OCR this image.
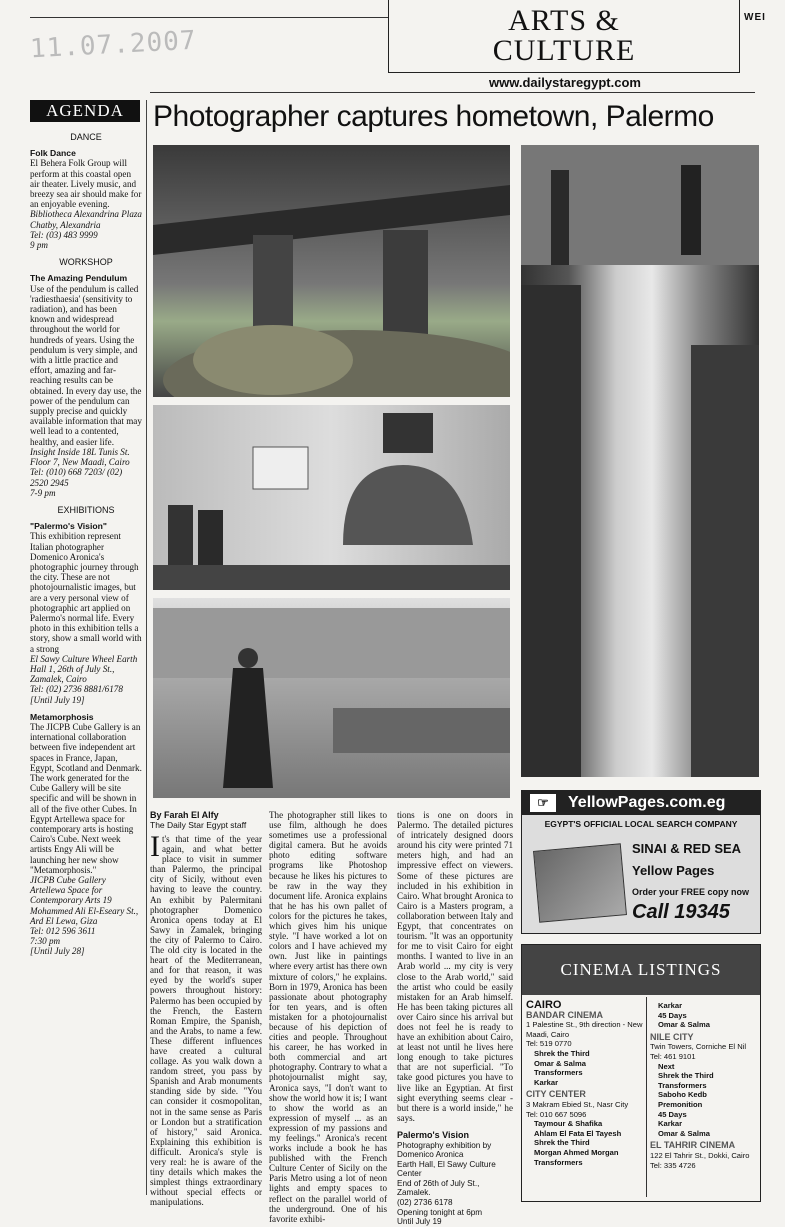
11.07.2007
ARTS &
CULTURE
WEI
www.dailystaregypt.com
AGENDA
DANCE
Folk Dance
El Behera Folk Group will perform at this coastal open air theater. Lively music, and breezy sea air should make for an enjoyable evening.
Bibliotheca Alexandrina Plaza Chatby, Alexandria
Tel: (03) 483 9999
9 pm
WORKSHOP
The Amazing Pendulum
Use of the pendulum is called 'radiesthaesia' (sensitivity to radiation), and has been known and widespread throughout the world for hundreds of years. Using the pendulum is very simple, and with a little practice and effort, amazing and far-reaching results can be obtained. In every day use, the power of the pendulum can supply precise and quickly available information that may well lead to a contented, healthy, and easier life.
Insight Inside 18L Tunis St. Floor 7, New Maadi, Cairo
Tel: (010) 668 7203/ (02) 2520 2945
7-9 pm
EXHIBITIONS
"Palermo's Vision"
This exhibition represent Italian photographer Domenico Aronica's photographic journey through the city. These are not photojournalistic images, but are a very personal view of photographic art applied on Palermo's normal life. Every photo in this exhibition tells a story, show a small world with a strong
El Sawy Culture Wheel Earth Hall 1, 26th of July St., Zamalek, Cairo
Tel: (02) 2736 8881/6178
[Until July 19]
Metamorphosis
The JICPB Cube Gallery is an international collaboration between five independent art spaces in France, Japan, Egypt, Scotland and Denmark. The work generated for the Cube Gallery will be site specific and will be shown in all of the five other Cubes. In Egypt Artellewa space for contemporary arts is hosting Cairo's Cube. Next week artists Engy Ali will be launching her new show "Metamorphosis."
JICPB Cube Gallery Artellewa Space for Contemporary Arts 19 Mohammed Ali El-Eseary St., Ard El Lewa, Giza
Tel: 012 596 3611
7:30 pm
[Until July 28]
Photographer captures hometown, Palermo
By Farah El Alfy
The Daily Star Egypt staff
It's that time of the year again, and what better place to visit in summer than Palermo, the principal city of Sicily, without even having to leave the country. An exhibit by Palermitani photographer Domenico Aronica opens today at El Sawy in Zamalek, bringing the city of Palermo to Cairo. The old city is located in the heart of the Mediterranean, and for that reason, it was eyed by the world's super powers throughout history: Palermo has been occupied by the French, the Eastern Roman Empire, the Spanish, and the Arabs, to name a few. These different influences have created a cultural collage. As you walk down a random street, you pass by Spanish and Arab monuments standing side by side. "You can consider it cosmopolitan, not in the same sense as Paris or London but a stratification of history," said Aronica. Explaining this exhibition is difficult. Aronica's style is very real: he is aware of the tiny details which makes the simplest things extraordinary without special effects or manipulations.
The photographer still likes to use film, although he does sometimes use a professional digital camera. But he avoids photo editing software programs like Photoshop because he likes his pictures to be raw in the way they document life. Aronica explains that he has his own pallet of colors for the pictures he takes, which gives him his unique style. "I have worked a lot on colors and I have achieved my own. Just like in paintings where every artist has there own mixture of colors," he explains. Born in 1979, Aronica has been passionate about photography for ten years, and is often mistaken for a photojournalist because of his depiction of cities and people. Throughout his career, he has worked in both commercial and art photography. Contrary to what a photojournalist might say, Aronica says, "I don't want to show the world how it is; I want to show the world as an expression of myself ... as an expression of my passions and my feelings." Aronica's recent works include a book he has published with the French Culture Center of Sicily on the Paris Metro using a lot of neon lights and empty spaces to reflect on the parallel world of the underground. One of his favorite exhibi-
tions is one on doors in Palermo. The detailed pictures of intricately designed doors around his city were printed 71 meters high, and had an impressive effect on viewers. Some of these pictures are included in his exhibition in Cairo. What brought Aronica to Cairo is a Masters program, a collaboration between Italy and Egypt, that concentrates on tourism. "It was an opportunity for me to visit Cairo for eight months. I wanted to live in an Arab world ... my city is very close to the Arab world," said the artist who could be easily mistaken for an Arab himself. He has been taking pictures all over Cairo since his arrival but does not feel he is ready to have an exhibition about Cairo, at least not until he lives here long enough to take pictures that are not superficial. "To take good pictures you have to live like an Egyptian. At first sight everything seems clear - but there is a world inside," he says.
Palermo's Vision
Photography exhibition by
Domenico Aronica
Earth Hall, El Sawy Culture Center
End of 26th of July St., Zamalek.
(02) 2736 6178
Opening tonight at 6pm
Until July 19
YellowPages.com.eg
☞
EGYPT'S OFFICIAL LOCAL SEARCH COMPANY
SINAI & RED SEA
Yellow Pages
Order your FREE copy now
Call 19345
CINEMA LISTINGS
CAIRO
BANDAR CINEMA
1 Palestine St., 9th direction - New Maadi, Cairo
Tel: 519 0770
Shrek the Third
Omar & Salma
Transformers
Karkar
CITY CENTER
3 Makram Ebied St., Nasr City
Tel: 010 667 5096
Taymour & Shafika
Ahlam El Fata El Tayesh
Shrek the Third
Morgan Ahmed Morgan
Transformers
Karkar
45 Days
Omar & Salma
NILE CITY
Twin Towers, Corniche El Nil
Tel: 461 9101
Next
Shrek the Third
Transformers
Saboho Kedb
Premonition
45 Days
Karkar
Omar & Salma
EL TAHRIR CINEMA
122 El Tahrir St., Dokki, Cairo
Tel: 335 4726
